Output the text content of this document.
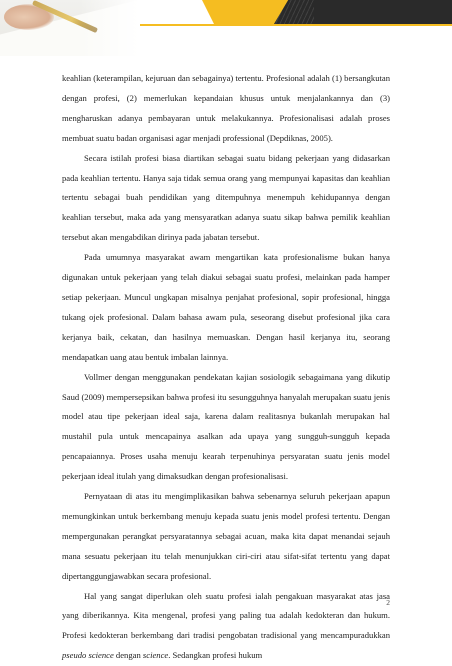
keahlian (keterampilan, kejuruan dan sebagainya) tertentu. Profesional adalah (1) bersangkutan dengan profesi, (2) memerlukan kepandaian khusus untuk menjalankannya dan (3) mengharuskan adanya pembayaran untuk melakukannya. Profesionalisasi adalah proses membuat suatu badan organisasi agar menjadi professional (Depdiknas, 2005).

Secara istilah profesi biasa diartikan sebagai suatu bidang pekerjaan yang didasarkan pada keahlian tertentu. Hanya saja tidak semua orang yang mempunyai kapasitas dan keahlian tertentu sebagai buah pendidikan yang ditempuhnya menempuh kehidupannya dengan keahlian tersebut, maka ada yang mensyaratkan adanya suatu sikap bahwa pemilik keahlian tersebut akan mengabdikan dirinya pada jabatan tersebut.

Pada umumnya masyarakat awam mengartikan kata profesionalisme bukan hanya digunakan untuk pekerjaan yang telah diakui sebagai suatu profesi, melainkan pada hamper setiap pekerjaan. Muncul ungkapan misalnya penjahat profesional, sopir profesional, hingga tukang ojek profesional. Dalam bahasa awam pula, seseorang disebut profesional jika cara kerjanya baik, cekatan, dan hasilnya memuaskan. Dengan hasil kerjanya itu, seorang mendapatkan uang atau bentuk imbalan lainnya.

Vollmer dengan menggunakan pendekatan kajian sosiologik sebagaimana yang dikutip Saud (2009) mempersepsikan bahwa profesi itu sesungguhnya hanyalah merupakan suatu jenis model atau tipe pekerjaan ideal saja, karena dalam realitasnya bukanlah merupakan hal mustahil pula untuk mencapainya asalkan ada upaya yang sungguh-sungguh kepada pencapaiannya. Proses usaha menuju kearah terpenuhinya persyaratan suatu jenis model pekerjaan ideal itulah yang dimaksudkan dengan profesionalisasi.

Pernyataan di atas itu mengimplikasikan bahwa sebenarnya seluruh pekerjaan apapun memungkinkan untuk berkembang menuju kepada suatu jenis model profesi tertentu. Dengan mempergunakan perangkat persyaratannya sebagai acuan, maka kita dapat menandai sejauh mana sesuatu pekerjaan itu telah menunjukkan ciri-ciri atau sifat-sifat tertentu yang dapat dipertanggungjawabkan secara profesional.

Hal yang sangat diperlukan oleh suatu profesi ialah pengakuan masyarakat atas jasa yang diberikannya. Kita mengenal, profesi yang paling tua adalah kedokteran dan hukum. Profesi kedokteran berkembang dari tradisi pengobatan tradisional yang mencampuradukkan pseudo science dengan science. Sedangkan profesi hukum

2
